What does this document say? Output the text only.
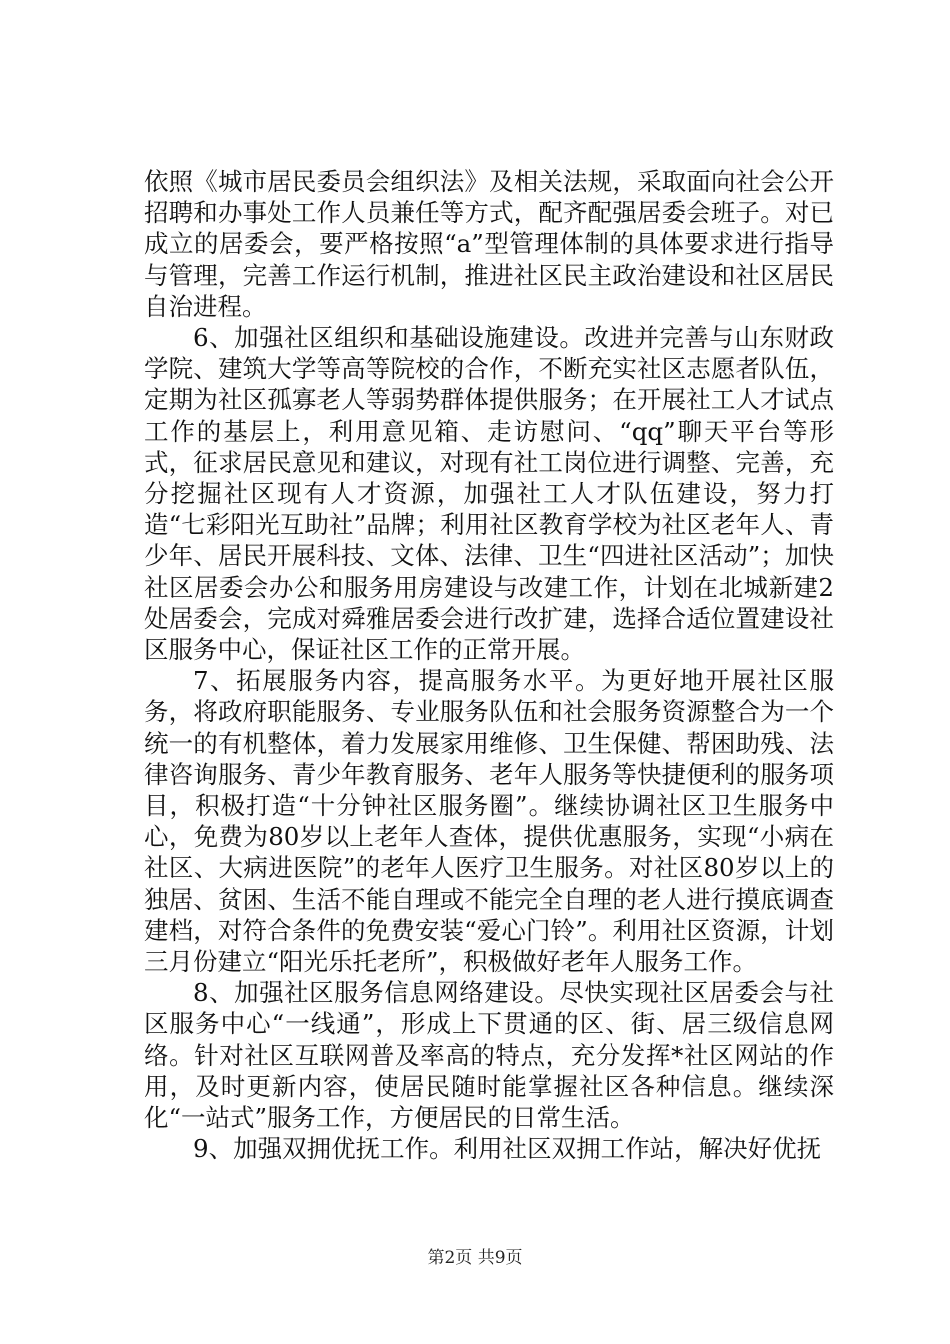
依照《城市居民委员会组织法》及相关法规，采取面向社会公开招聘和办事处工作人员兼任等方式，配齐配强居委会班子。对已成立的居委会，要严格按照“a”型管理体制的具体要求进行指导与管理，完善工作运行机制，推进社区民主政治建设和社区居民自治进程。

6、加强社区组织和基础设施建设。改进并完善与山东财政学院、建筑大学等高等院校的合作，不断充实社区志愿者队伍，定期为社区孤寡老人等弱势群体提供服务；在开展社工人才试点工作的基层上，利用意见箱、走访慰问、“qq”聊天平台等形式，征求居民意见和建议，对现有社工岗位进行调整、完善，充分挖掘社区现有人才资源，加强社工人才队伍建设，努力打造“七彩阳光互助社”品牌；利用社区教育学校为社区老年人、青少年、居民开展科技、文体、法律、卫生“四进社区活动”；加快社区居委会办公和服务用房建设与改建工作，计划在北城新建2处居委会，完成对舜雅居委会进行改扩建，选择合适位置建设社区服务中心，保证社区工作的正常开展。

7、拓展服务内容，提高服务水平。为更好地开展社区服务，将政府职能服务、专业服务队伍和社会服务资源整合为一个统一的有机整体，着力发展家用维修、卫生保健、帮困助残、法律咨询服务、青少年教育服务、老年人服务等快捷便利的服务项目，积极打造“十分钟社区服务圈”。继续协调社区卫生服务中心，免费为80岁以上老年人查体，提供优惠服务，实现“小病在社区、大病进医院”的老年人医疗卫生服务。对社区80岁以上的独居、贫困、生活不能自理或不能完全自理的老人进行摸底调查建档，对符合条件的免费安装“爱心门铃”。利用社区资源，计划三月份建立“阳光乐托老所”，积极做好老年人服务工作。

8、加强社区服务信息网络建设。尽快实现社区居委会与社区服务中心“一线通”，形成上下贯通的区、街、居三级信息网络。针对社区互联网普及率高的特点，充分发挥*社区网站的作用，及时更新内容，使居民随时能掌握社区各种信息。继续深化“一站式”服务工作，方便居民的日常生活。

9、加强双拥优抚工作。利用社区双拥工作站，解决好优抚

第2页 共9页
